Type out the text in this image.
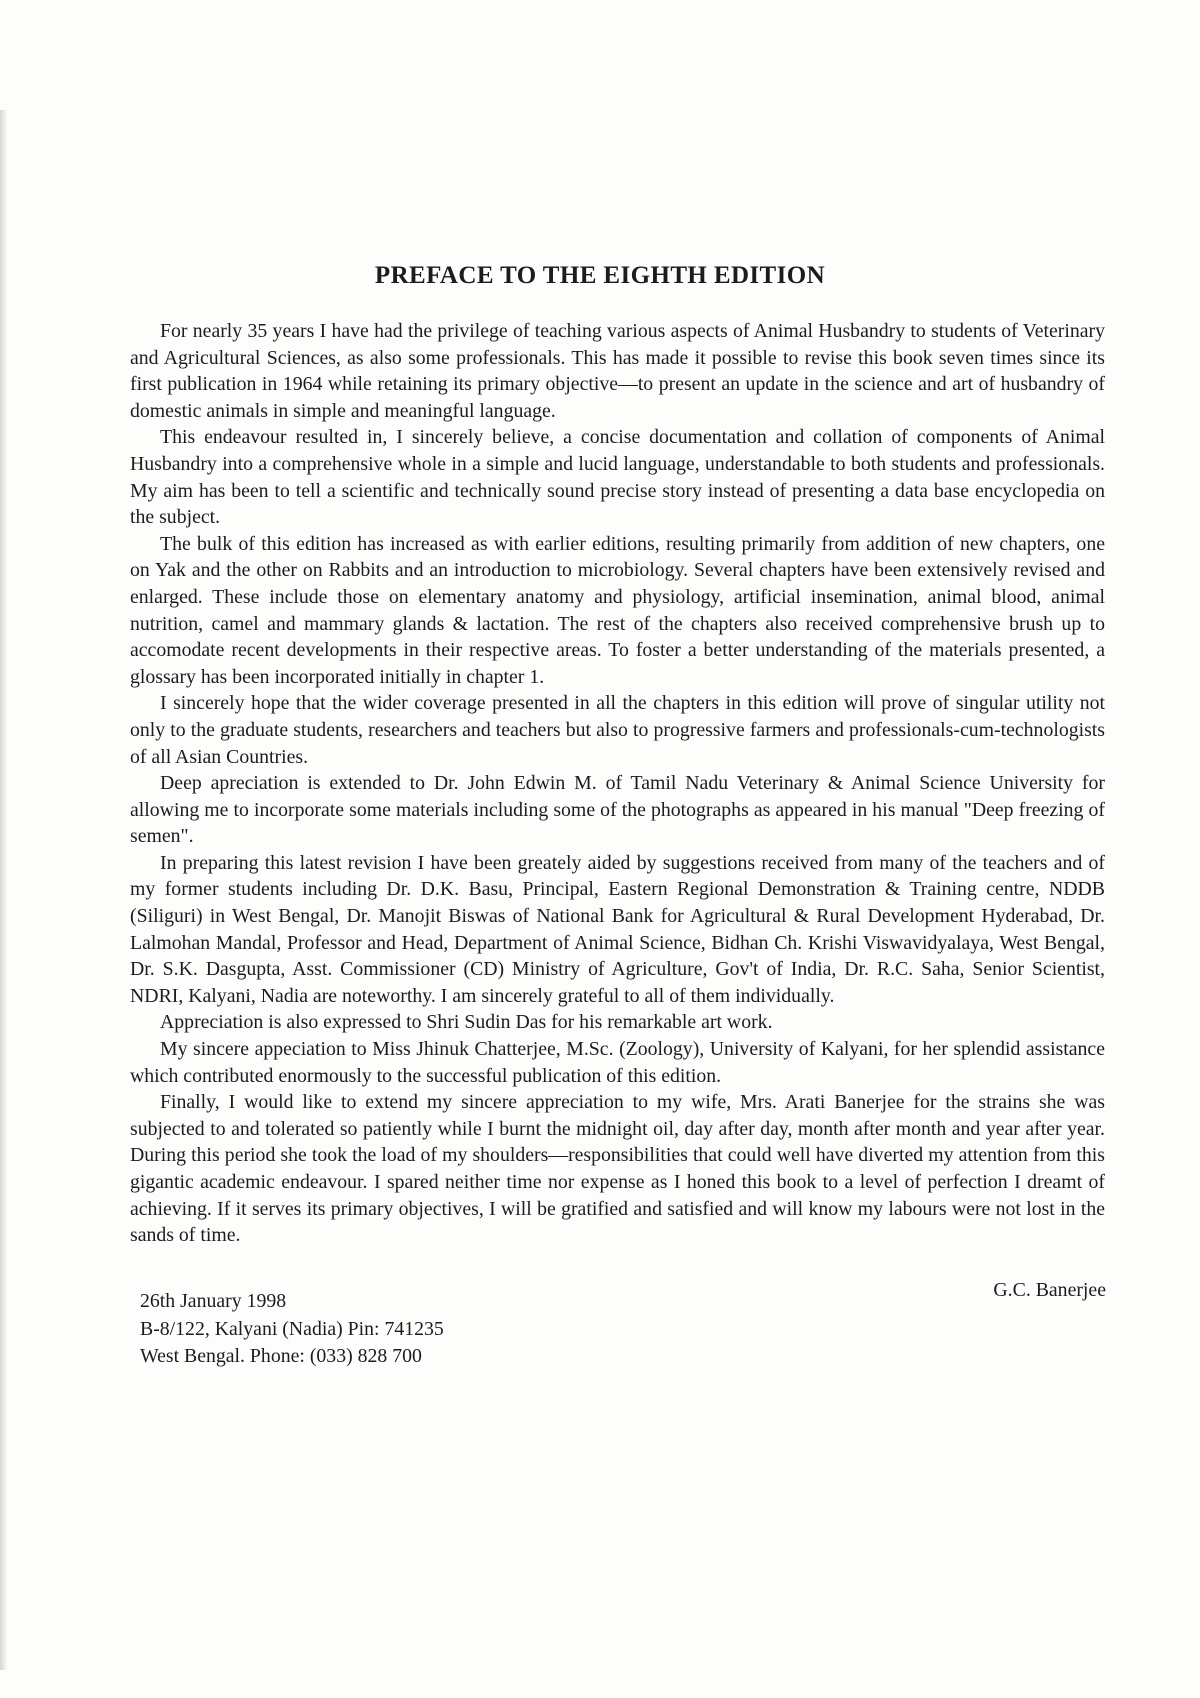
PREFACE TO THE EIGHTH EDITION

For nearly 35 years I have had the privilege of teaching various aspects of Animal Husbandry to students of Veterinary and Agricultural Sciences, as also some professionals. This has made it possible to revise this book seven times since its first publication in 1964 while retaining its primary objective—to present an update in the science and art of husbandry of domestic animals in simple and meaningful language.

This endeavour resulted in, I sincerely believe, a concise documentation and collation of components of Animal Husbandry into a comprehensive whole in a simple and lucid language, understandable to both students and professionals. My aim has been to tell a scientific and technically sound precise story instead of presenting a data base encyclopedia on the subject.

The bulk of this edition has increased as with earlier editions, resulting primarily from addition of new chapters, one on Yak and the other on Rabbits and an introduction to microbiology. Several chapters have been extensively revised and enlarged. These include those on elementary anatomy and physiology, artificial insemination, animal blood, animal nutrition, camel and mammary glands & lactation. The rest of the chapters also received comprehensive brush up to accomodate recent developments in their respective areas. To foster a better understanding of the materials presented, a glossary has been incorporated initially in chapter 1.

I sincerely hope that the wider coverage presented in all the chapters in this edition will prove of singular utility not only to the graduate students, researchers and teachers but also to progressive farmers and professionals-cum-technologists of all Asian Countries.

Deep apreciation is extended to Dr. John Edwin M. of Tamil Nadu Veterinary & Animal Science University for allowing me to incorporate some materials including some of the photographs as appeared in his manual "Deep freezing of semen".

In preparing this latest revision I have been greately aided by suggestions received from many of the teachers and of my former students including Dr. D.K. Basu, Principal, Eastern Regional Demonstration & Training centre, NDDB (Siliguri) in West Bengal, Dr. Manojit Biswas of National Bank for Agricultural & Rural Development Hyderabad, Dr. Lalmohan Mandal, Professor and Head, Department of Animal Science, Bidhan Ch. Krishi Viswavidyalaya, West Bengal, Dr. S.K. Dasgupta, Asst. Commissioner (CD) Ministry of Agriculture, Gov't of India, Dr. R.C. Saha, Senior Scientist, NDRI, Kalyani, Nadia are noteworthy. I am sincerely grateful to all of them individually.

Appreciation is also expressed to Shri Sudin Das for his remarkable art work.

My sincere appeciation to Miss Jhinuk Chatterjee, M.Sc. (Zoology), University of Kalyani, for her splendid assistance which contributed enormously to the successful publication of this edition.

Finally, I would like to extend my sincere appreciation to my wife, Mrs. Arati Banerjee for the strains she was subjected to and tolerated so patiently while I burnt the midnight oil, day after day, month after month and year after year. During this period she took the load of my shoulders—responsibilities that could well have diverted my attention from this gigantic academic endeavour. I spared neither time nor expense as I honed this book to a level of perfection I dreamt of achieving. If it serves its primary objectives, I will be gratified and satisfied and will know my labours were not lost in the sands of time.

26th January 1998
B-8/122, Kalyani (Nadia) Pin: 741235
West Bengal. Phone: (033) 828 700
G.C. Banerjee
